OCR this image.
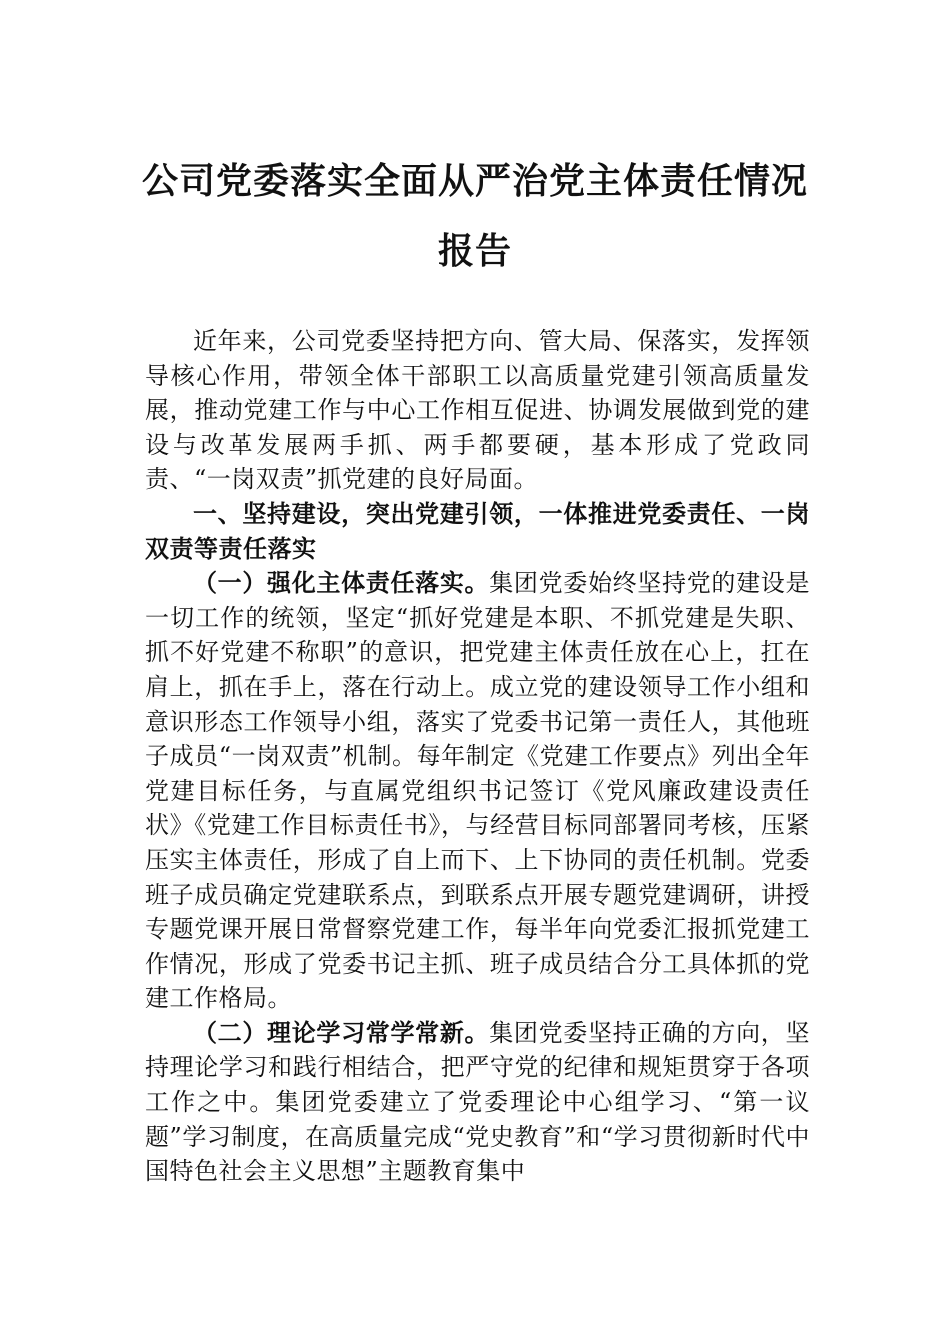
公司党委落实全面从严治党主体责任情况
报告

近年来，公司党委坚持把方向、管大局、保落实，发挥领导核心作用，带领全体干部职工以高质量党建引领高质量发展，推动党建工作与中心工作相互促进、协调发展做到党的建设与改革发展两手抓、两手都要硬，基本形成了党政同责、“一岗双责”抓党建的良好局面。

一、坚持建设，突出党建引领，一体推进党委责任、一岗双责等责任落实

（一）强化主体责任落实。集团党委始终坚持党的建设是一切工作的统领，坚定“抓好党建是本职、不抓党建是失职、抓不好党建不称职”的意识，把党建主体责任放在心上，扛在肩上，抓在手上，落在行动上。成立党的建设领导工作小组和意识形态工作领导小组，落实了党委书记第一责任人，其他班子成员“一岗双责”机制。每年制定《党建工作要点》列出全年党建目标任务，与直属党组织书记签订《党风廉政建设责任状》《党建工作目标责任书》，与经营目标同部署同考核，压紧压实主体责任，形成了自上而下、上下协同的责任机制。党委班子成员确定党建联系点，到联系点开展专题党建调研，讲授专题党课开展日常督察党建工作，每半年向党委汇报抓党建工作情况，形成了党委书记主抓、班子成员结合分工具体抓的党建工作格局。

（二）理论学习常学常新。集团党委坚持正确的方向，坚持理论学习和践行相结合，把严守党的纪律和规矩贯穿于各项工作之中。集团党委建立了党委理论中心组学习、“第一议题”学习制度，在高质量完成“党史教育”和“学习贯彻新时代中国特色社会主义思想”主题教育集中
